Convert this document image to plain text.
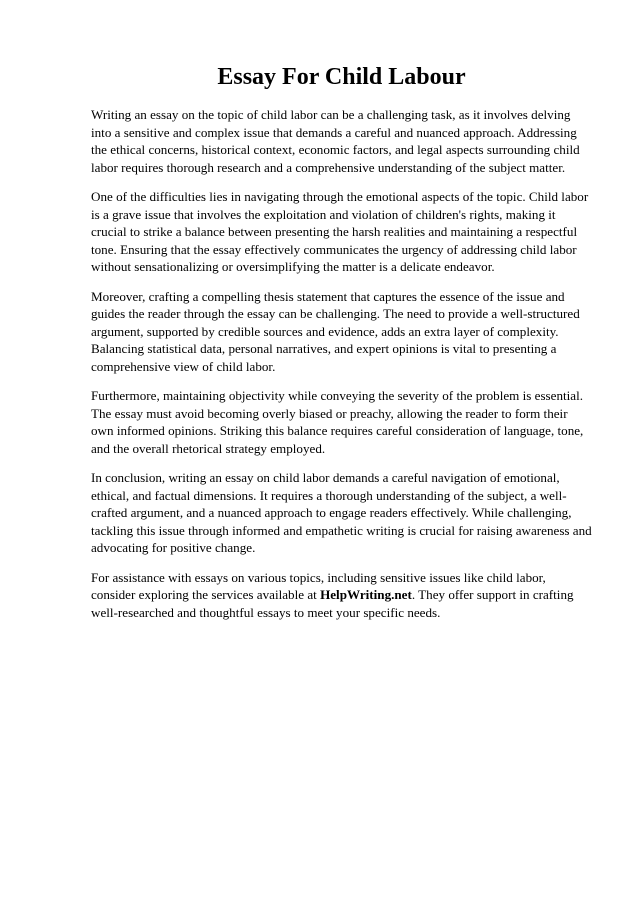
Essay For Child Labour

Writing an essay on the topic of child labor can be a challenging task, as it involves delving into a sensitive and complex issue that demands a careful and nuanced approach. Addressing the ethical concerns, historical context, economic factors, and legal aspects surrounding child labor requires thorough research and a comprehensive understanding of the subject matter.

One of the difficulties lies in navigating through the emotional aspects of the topic. Child labor is a grave issue that involves the exploitation and violation of children's rights, making it crucial to strike a balance between presenting the harsh realities and maintaining a respectful tone. Ensuring that the essay effectively communicates the urgency of addressing child labor without sensationalizing or oversimplifying the matter is a delicate endeavor.

Moreover, crafting a compelling thesis statement that captures the essence of the issue and guides the reader through the essay can be challenging. The need to provide a well-structured argument, supported by credible sources and evidence, adds an extra layer of complexity. Balancing statistical data, personal narratives, and expert opinions is vital to presenting a comprehensive view of child labor.

Furthermore, maintaining objectivity while conveying the severity of the problem is essential. The essay must avoid becoming overly biased or preachy, allowing the reader to form their own informed opinions. Striking this balance requires careful consideration of language, tone, and the overall rhetorical strategy employed.

In conclusion, writing an essay on child labor demands a careful navigation of emotional, ethical, and factual dimensions. It requires a thorough understanding of the subject, a well-crafted argument, and a nuanced approach to engage readers effectively. While challenging, tackling this issue through informed and empathetic writing is crucial for raising awareness and advocating for positive change.

For assistance with essays on various topics, including sensitive issues like child labor, consider exploring the services available at HelpWriting.net. They offer support in crafting well-researched and thoughtful essays to meet your specific needs.
